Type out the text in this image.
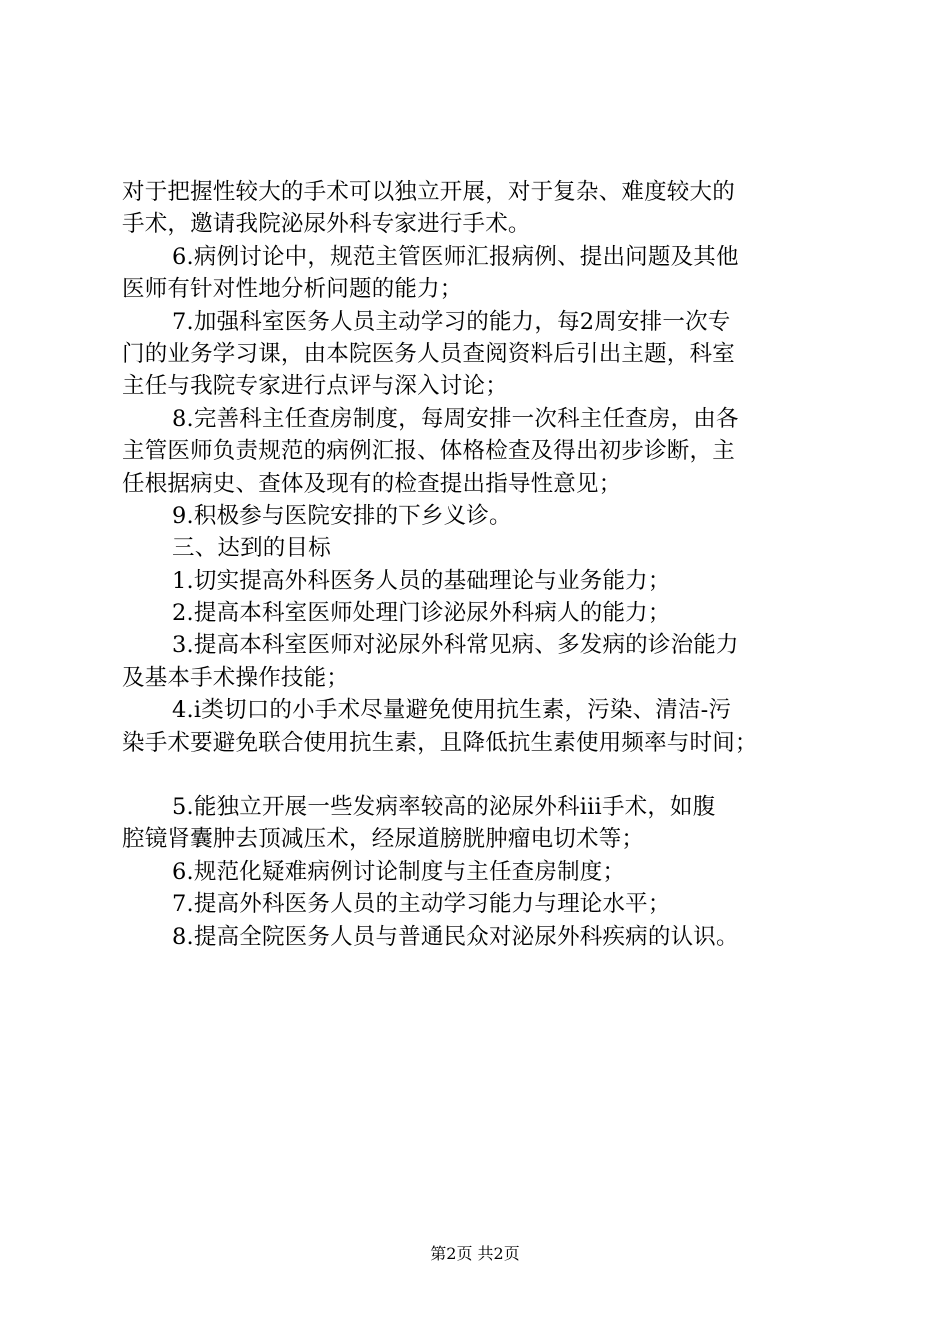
对于把握性较大的手术可以独立开展，对于复杂、难度较大的
手术，邀请我院泌尿外科专家进行手术。
6.病例讨论中，规范主管医师汇报病例、提出问题及其他
医师有针对性地分析问题的能力；
7.加强科室医务人员主动学习的能力，每2周安排一次专
门的业务学习课，由本院医务人员查阅资料后引出主题，科室
主任与我院专家进行点评与深入讨论；
8.完善科主任查房制度，每周安排一次科主任查房，由各
主管医师负责规范的病例汇报、体格检查及得出初步诊断，主
任根据病史、查体及现有的检查提出指导性意见；
9.积极参与医院安排的下乡义诊。
三、达到的目标
1.切实提高外科医务人员的基础理论与业务能力；
2.提高本科室医师处理门诊泌尿外科病人的能力；
3.提高本科室医师对泌尿外科常见病、多发病的诊治能力
及基本手术操作技能；
4.i类切口的小手术尽量避免使用抗生素，污染、清洁-污
染手术要避免联合使用抗生素，且降低抗生素使用频率与时间；
5.能独立开展一些发病率较高的泌尿外科iii手术，如腹
腔镜肾囊肿去顶减压术，经尿道膀胱肿瘤电切术等；
6.规范化疑难病例讨论制度与主任查房制度；
7.提高外科医务人员的主动学习能力与理论水平；
8.提高全院医务人员与普通民众对泌尿外科疾病的认识。
第2页 共2页
